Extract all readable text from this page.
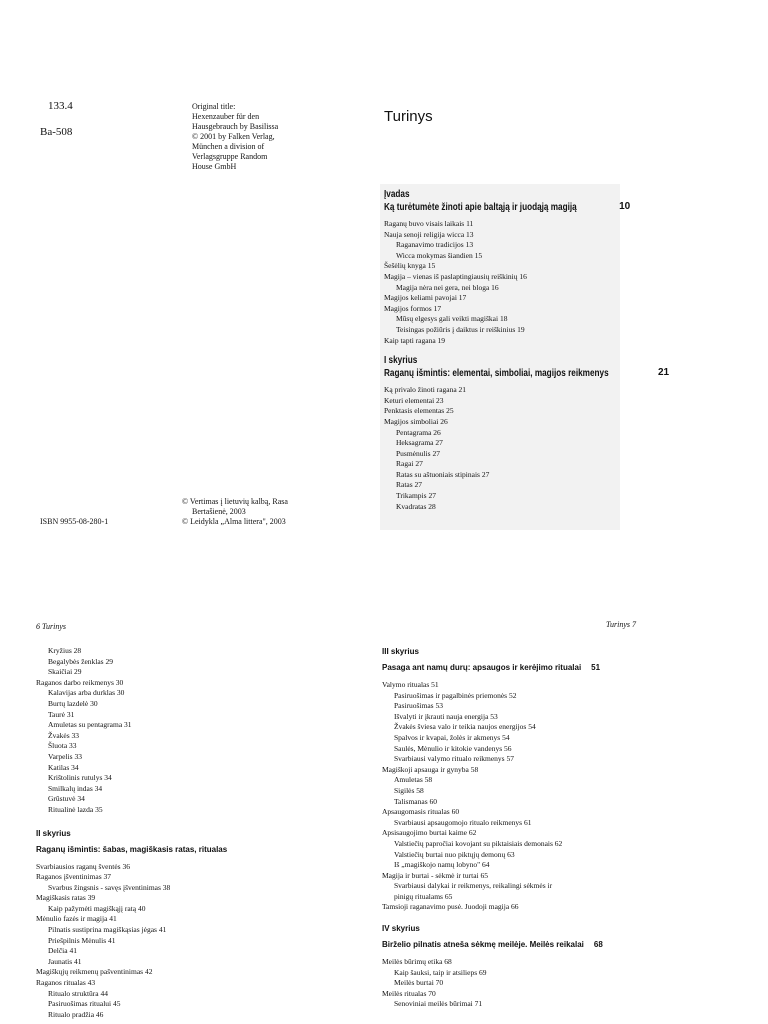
133.4
Ba-508
Original title:
Hexenzauber für den
Hausgebrauch by Basilissa
© 2001 by Falken Verlag,
München a division of
Verlagsgruppe Random
House GmbH
© Vertimas į lietuvių kalbą, Rasa
Bertašienė, 2003
© Leidykla „Alma littera", 2003
ISBN 9955-08-280-1
Turinys
Įvadas
Ką turėtumėte žinoti apie baltąją ir juodąją magiją	10
Raganų buvo visais laikais 11
Nauja senoji religija wicca 13
Raganavimo tradicijos 13
Wicca mokymas šiandien 15
Šešėlių knyga 15
Magija – vienas iš paslaptingiausių reiškinių 16
Magija nėra nei gera, nei bloga 16
Magijos keliami pavojai 17
Magijos formos 17
Mūsų elgesys gali veikti magiškai 18
Teisingas požiūris į daiktus ir reiškinius 19
Kaip tapti ragana 19
I skyrius
Raganų išmintis: elementai, simboliai, magijos reikmenys	21
Ką privalo žinoti ragana 21
Keturi elementai 23
Penktasis elementas 25
Magijos simboliai 26
Pentagrama 26
Heksagrama 27
Pusmėnulis 27
Ragai 27
Ratas su aštuoniais stipinais 27
Ratas 27
Trikampis 27
Kvadratas 28
6 Turinys	Turinys 7
Kryžius 28
Begalybės ženklas 29
Skaičiai 29
Raganos darbo reikmenys 30
Kalavijas arba durklas 30
Burtų lazdelė 30
Taurė 31
Amuletas su pentagrama 31
Žvakės 33
Šluota 33
Varpelis 33
Katilas 34
Krištolinis rutulys 34
Smilkalų indas 34
Grūstuvė 34
Ritualinė lazda 35
II skyrius
Raganų išmintis: šabas, magiškasis ratas, ritualas
Svarbiausios raganų šventės 36
Raganos įšventinimas 37
Svarbus žingsnis - savęs įšventinimas 38
Magiškasis ratas 39
Kaip pažymėti magiškąjį ratą 40
Mėnulio fazės ir magija 41
Pilnatis sustiprina magiškąsias jėgas 41
Priešpilnis Mėnulis 41
Delčia 41
Jaunatis 41
Magiškųjų reikmenų pašventinimas 42
Raganos ritualas 43
Ritualo struktūra 44
Pasiruošimas ritualui 45
Ritualo pradžia 46
III skyrius
Pasaga ant namų durų: apsaugos ir kerėjimo ritualai 51
Valymo ritualas 51
Pasiruošimas ir pagalbinės priemonės 52
Pasiruošimas 53
Išvalyti ir įkrauti nauja energija 53
Žvakės šviesa valo ir teikia naujos energijos 54
Spalvos ir kvapai, žolės ir akmenys 54
Saulės, Mėnulio ir kitokie vandenys 56
Svarbiausi valymo ritualo reikmenys 57
Magiškoji apsauga ir gynyba 58
Amuletas 58
Sigilės 58
Talismanas 60
Apsaugomasis ritualas 60
Svarbiausi apsaugomojo ritualo reikmenys 61
Apsisaugojimo burtai kaime 62
Valstiečių papročiai kovojant su piktaisiais demonais 62
Valstiečių burtai nuo piktųjų demonų 63
Iš „magiškojo namų lobyno" 64
Magija ir burtai - sėkmė ir turtai 65
Svarbiausi dalykai ir reikmenys, reikalingi sėkmės ir
pinigų ritualams 65
Tamsioji raganavimo pusė. Juodoji magija 66
IV skyrius
Birželio pilnatis atneša sėkmę meilėje. Meilės reikalai 68
Meilės būrimų etika 68
Kaip šauksi, taip ir atsilieps 69
Meilės burtai 70
Meilės ritualas 70
Senoviniai meilės būrimai 71
